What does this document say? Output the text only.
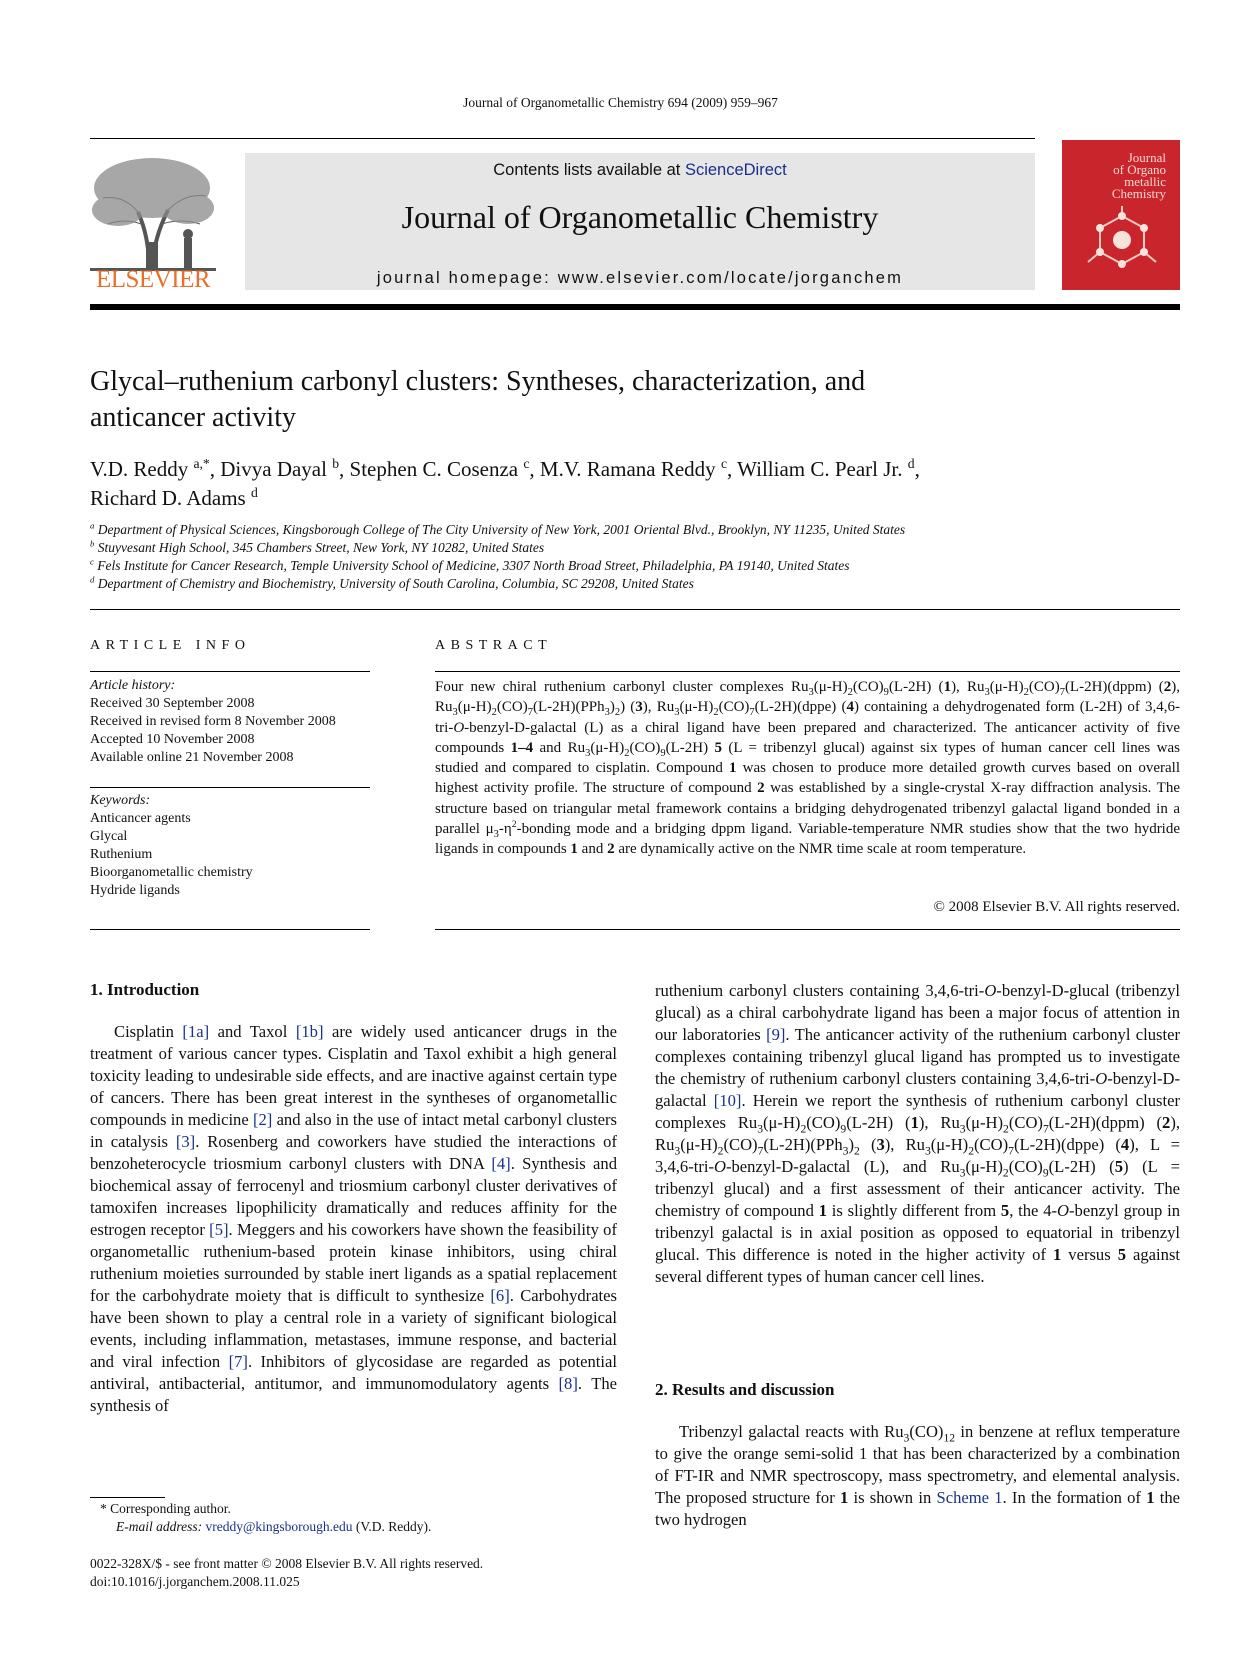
Journal of Organometallic Chemistry 694 (2009) 959–967
ELSEVIER
Contents lists available at ScienceDirect
Journal of Organometallic Chemistry
journal homepage: www.elsevier.com/locate/jorganchem
Journal
of Organo
metallic
Chemistry
Glycal–ruthenium carbonyl clusters: Syntheses, characterization, and
anticancer activity
V.D. Reddy $^{a,*}$, Divya Dayal $^b$, Stephen C. Cosenza $^c$, M.V. Ramana Reddy $^c$, William C. Pearl Jr. $^d$,
Richard D. Adams $^d$
$^a$ Department of Physical Sciences, Kingsborough College of The City University of New York, 2001 Oriental Blvd., Brooklyn, NY 11235, United States
$^b$ Stuyvesant High School, 345 Chambers Street, New York, NY 10282, United States
$^c$ Fels Institute for Cancer Research, Temple University School of Medicine, 3307 North Broad Street, Philadelphia, PA 19140, United States
$^d$ Department of Chemistry and Biochemistry, University of South Carolina, Columbia, SC 29208, United States
ARTICLE INFO
Article history:
Received 30 September 2008
Received in revised form 8 November 2008
Accepted 10 November 2008
Available online 21 November 2008
Keywords:
Anticancer agents
Glycal
Ruthenium
Bioorganometallic chemistry
Hydride ligands
ABSTRACT
Four new chiral ruthenium carbonyl cluster complexes $Ru_3(\mu-H)_2(CO)_9(L-2H)$ (1), $Ru_3(\mu-H)_2(CO)_7(L-2H)(dppm)$ (2), $Ru_3(\mu-H)_2(CO)_7(L-2H)(PPh_3)_2$) (3), $Ru_3(\mu-H)_2(CO)_7(L-2H)(dppe)$ (4) containing a dehydrogenated form (L-2H) of 3,4,6-tri-O-benzyl-D-galactal (L) as a chiral ligand have been prepared and characterized. The anticancer activity of five compounds 1–4 and $Ru_3(\mu-H)_2(CO)_9(L-2H)$ 5 (L = tribenzyl glucal) against six types of human cancer cell lines was studied and compared to cisplatin. Compound 1 was chosen to produce more detailed growth curves based on overall highest activity profile. The structure of compound 2 was established by a single-crystal X-ray diffraction analysis. The structure based on triangular metal framework contains a bridging dehydrogenated tribenzyl galactal ligand bonded in a parallel $\mu_3-\eta^2$-bonding mode and a bridging dppm ligand. Variable-temperature NMR studies show that the two hydride ligands in compounds 1 and 2 are dynamically active on the NMR time scale at room temperature.
© 2008 Elsevier B.V. All rights reserved.
1. Introduction
Cisplatin [1a] and Taxol [1b] are widely used anticancer drugs in the treatment of various cancer types. Cisplatin and Taxol exhibit a high general toxicity leading to undesirable side effects, and are inactive against certain type of cancers. There has been great interest in the syntheses of organometallic compounds in medicine [2] and also in the use of intact metal carbonyl clusters in catalysis [3]. Rosenberg and coworkers have studied the interactions of benzoheterocycle triosmium carbonyl clusters with DNA [4]. Synthesis and biochemical assay of ferrocenyl and triosmium carbonyl cluster derivatives of tamoxifen increases lipophilicity dramatically and reduces affinity for the estrogen receptor [5]. Meggers and his coworkers have shown the feasibility of organometallic ruthenium-based protein kinase inhibitors, using chiral ruthenium moieties surrounded by stable inert ligands as a spatial replacement for the carbohydrate moiety that is difficult to synthesize [6]. Carbohydrates have been shown to play a central role in a variety of significant biological events, including inflammation, metastases, immune response, and bacterial and viral infection [7]. Inhibitors of glycosidase are regarded as potential antiviral, antibacterial, antitumor, and immunomodulatory agents [8]. The synthesis of
ruthenium carbonyl clusters containing 3,4,6-tri-O-benzyl-D-glucal (tribenzyl glucal) as a chiral carbohydrate ligand has been a major focus of attention in our laboratories [9]. The anticancer activity of the ruthenium carbonyl cluster complexes containing tribenzyl glucal ligand has prompted us to investigate the chemistry of ruthenium carbonyl clusters containing 3,4,6-tri-O-benzyl-D-galactal [10]. Herein we report the synthesis of ruthenium carbonyl cluster complexes $Ru_3(\mu-H)_2(CO)_9(L-2H)$ (1), $Ru_3(\mu-H)_2(CO)_7(L-2H)(dppm)$ (2), $Ru_3(\mu-H)_2(CO)_7(L-2H)(PPh_3)_2$ (3), $Ru_3(\mu-H)_2(CO)_7(L-2H)(dppe)$ (4), L = 3,4,6-tri-O-benzyl-D-galactal (L), and $Ru_3(\mu-H)_2(CO)_9(L-2H)$ (5) (L = tribenzyl glucal) and a first assessment of their anticancer activity. The chemistry of compound 1 is slightly different from 5, the 4-O-benzyl group in tribenzyl galactal is in axial position as opposed to equatorial in tribenzyl glucal. This difference is noted in the higher activity of 1 versus 5 against several different types of human cancer cell lines.
2. Results and discussion
Tribenzyl galactal reacts with $Ru_3(CO)_{12}$ in benzene at reflux temperature to give the orange semi-solid 1 that has been characterized by a combination of FT-IR and NMR spectroscopy, mass spectrometry, and elemental analysis. The proposed structure for 1 is shown in Scheme 1. In the formation of 1 the two hydrogen
* Corresponding author.
E-mail address: vreddy@kingsborough.edu (V.D. Reddy).
0022-328X/$ - see front matter © 2008 Elsevier B.V. All rights reserved.
doi:10.1016/j.jorganchem.2008.11.025
